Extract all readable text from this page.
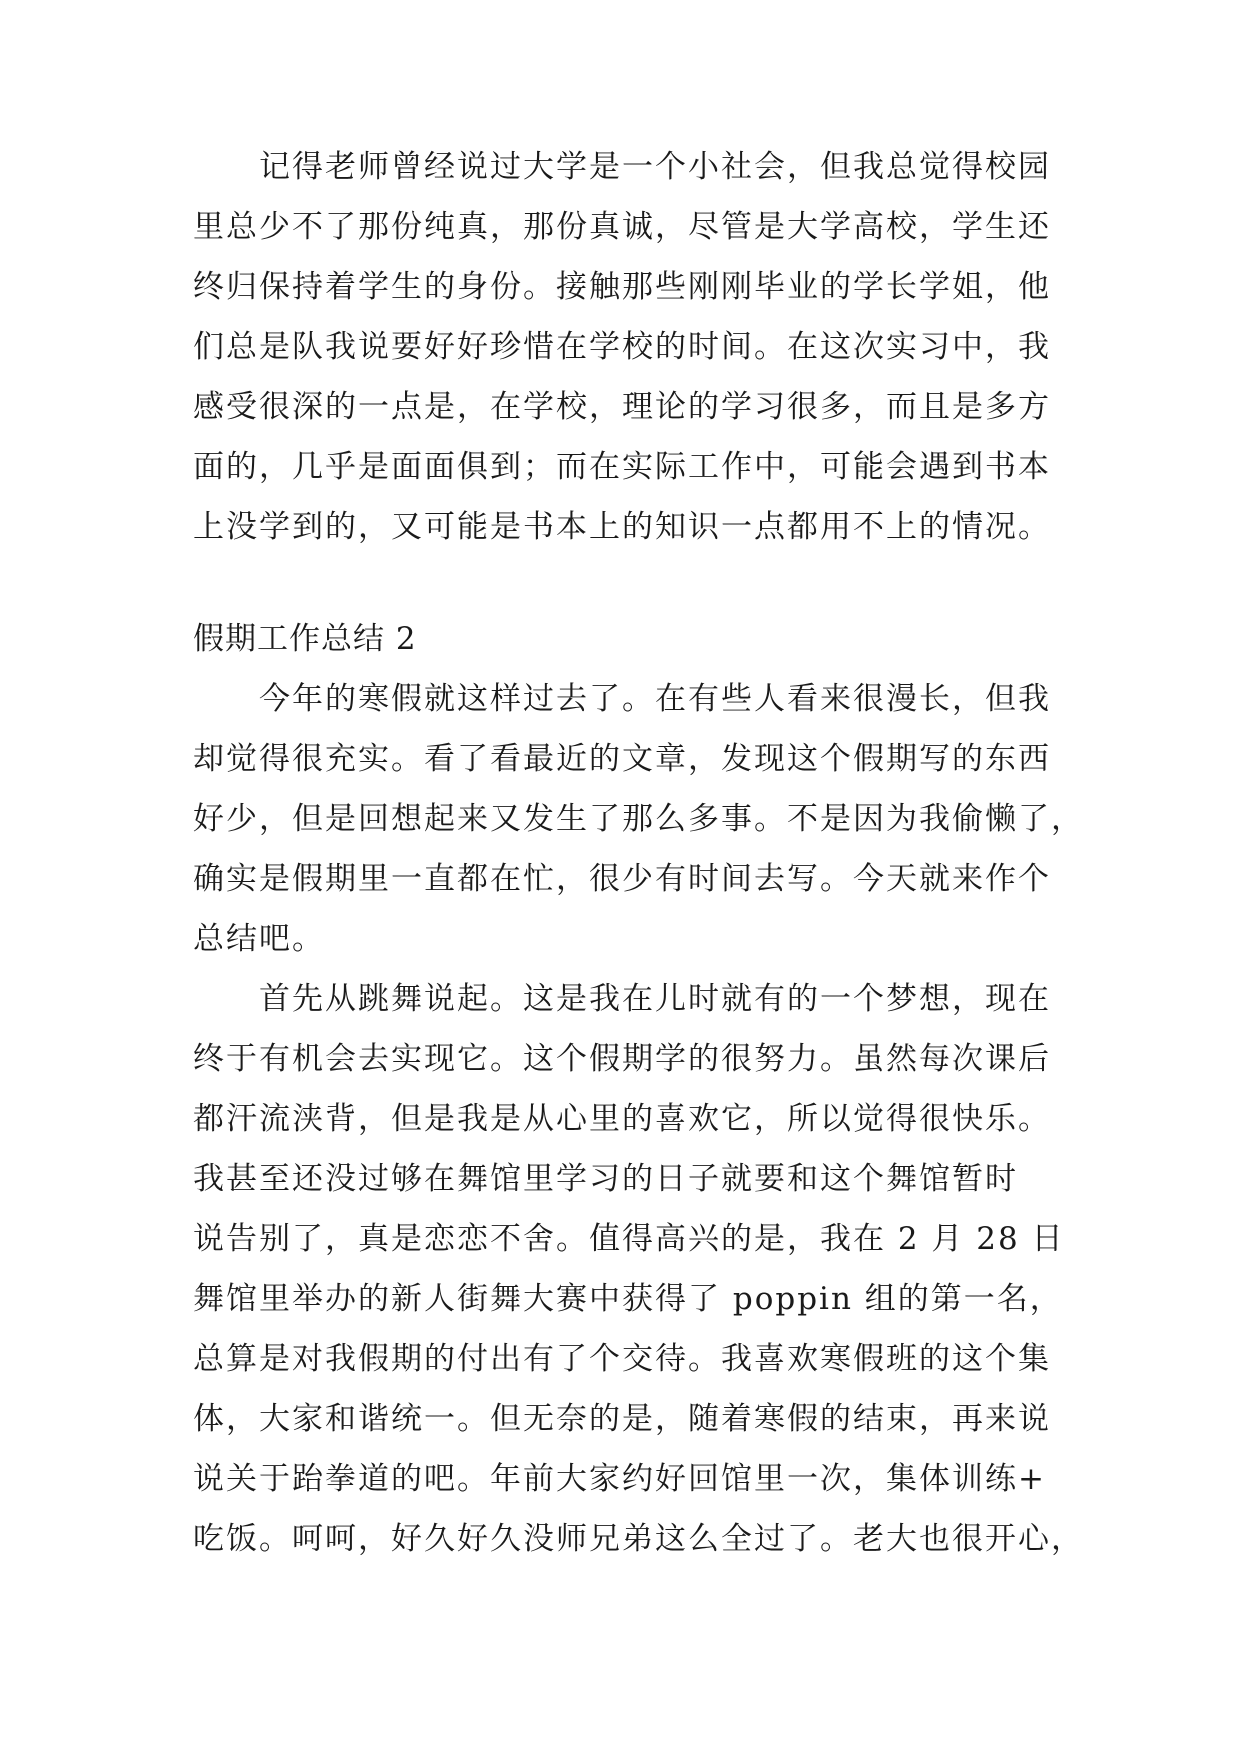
记得老师曾经说过大学是一个小社会，但我总觉得校园
里总少不了那份纯真，那份真诚，尽管是大学高校，学生还
终归保持着学生的身份。接触那些刚刚毕业的学长学姐，他
们总是队我说要好好珍惜在学校的时间。在这次实习中，我
感受很深的一点是，在学校，理论的学习很多，而且是多方
面的，几乎是面面俱到；而在实际工作中，可能会遇到书本
上没学到的，又可能是书本上的知识一点都用不上的情况。
假期工作总结 2
今年的寒假就这样过去了。在有些人看来很漫长，但我
却觉得很充实。看了看最近的文章，发现这个假期写的东西
好少，但是回想起来又发生了那么多事。不是因为我偷懒了，
确实是假期里一直都在忙，很少有时间去写。今天就来作个
总结吧。
首先从跳舞说起。这是我在儿时就有的一个梦想，现在
终于有机会去实现它。这个假期学的很努力。虽然每次课后
都汗流浃背，但是我是从心里的喜欢它，所以觉得很快乐。
我甚至还没过够在舞馆里学习的日子就要和这个舞馆暂时
说告别了，真是恋恋不舍。值得高兴的是，我在 2 月 28 日
舞馆里举办的新人街舞大赛中获得了 poppin 组的第一名，
总算是对我假期的付出有了个交待。我喜欢寒假班的这个集
体，大家和谐统一。但无奈的是，随着寒假的结束，再来说
说关于跆拳道的吧。年前大家约好回馆里一次，集体训练+
吃饭。呵呵，好久好久没师兄弟这么全过了。老大也很开心，
